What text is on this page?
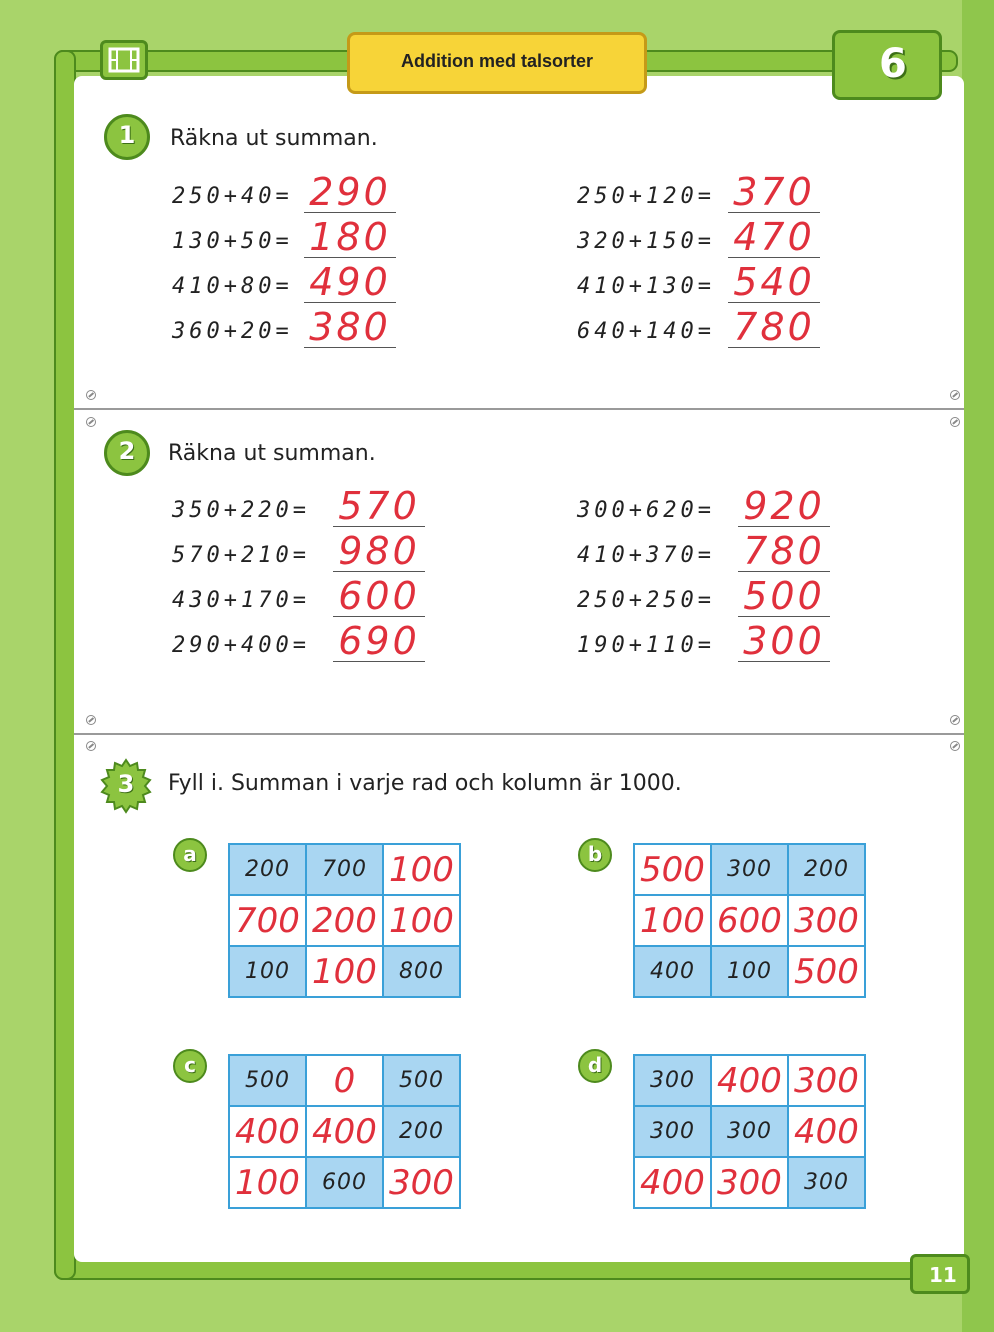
Addition med talsorter	6
1	Räkna ut summan.
250+40= 290
130+50= 180
410+80= 490
360+20= 380
250+120= 370
320+150= 470
410+130= 540
640+140= 780
2	Räkna ut summan.
350+220= 570
570+210= 980
430+170= 600
290+400= 690
300+620= 920
410+370= 780
250+250= 500
190+110= 300
3	Fyll i. Summan i varje rad och kolumn är 1000.
a
200	700 100
700 200 100
100 100	800
b 500	300	200
100 600 300
400	100 500
c
500	0	500
400 400	200
100	600 300
d
300 400 300
300	300 400
400 300	300
11
